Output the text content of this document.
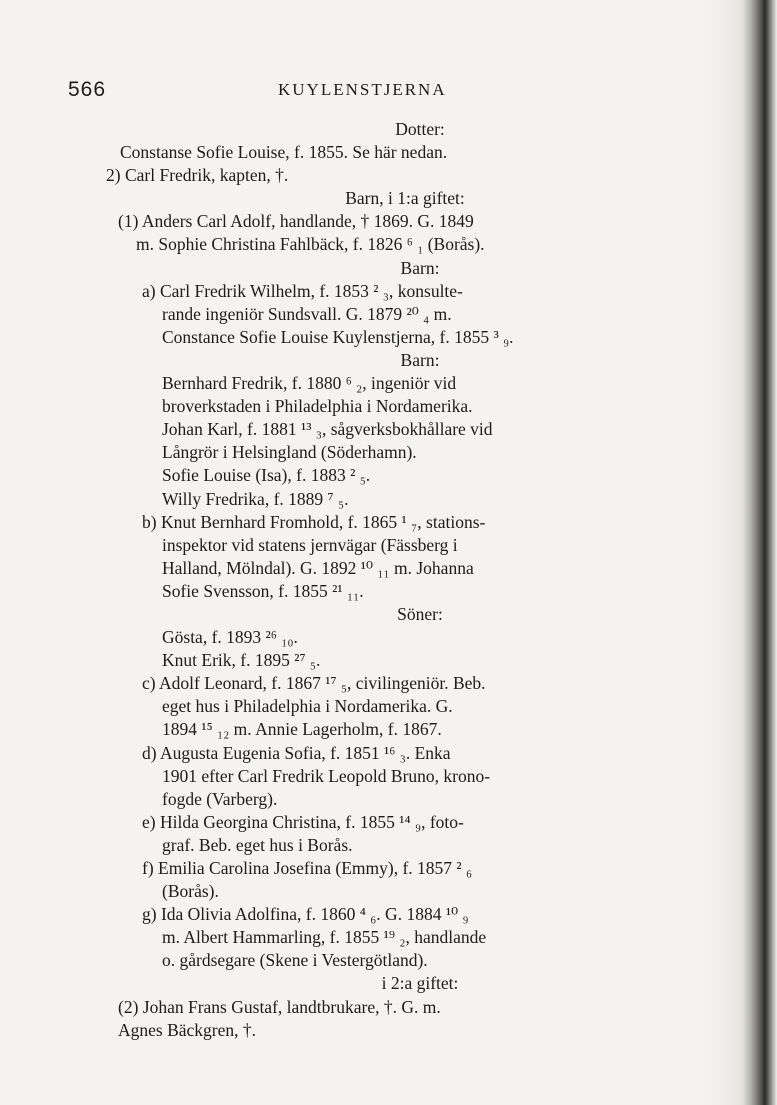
566	KUYLENSTJERNA
Dotter:
Constanse Sofie Louise, f. 1855. Se här nedan.
2) Carl Fredrik, kapten, †.
Barn, i 1:a giftet:
(1) Anders Carl Adolf, handlande, † 1869. G. 1849
m. Sophie Christina Fahlbäck, f. 1826 ⁶ ₁ (Borås).
Barn:
a) Carl Fredrik Wilhelm, f. 1853 ² ₃, konsulte-
rande ingeniör Sundsvall. G. 1879 ²⁰ ₄ m.
Constance Sofie Louise Kuylenstjerna, f. 1855 ³ ₉.
Barn:
Bernhard Fredrik, f. 1880 ⁶ ₂, ingeniör vid
broverkstaden i Philadelphia i Nordamerika.
Johan Karl, f. 1881 ¹³ ₃, sågverksbokhållare vid
Långrör i Helsingland (Söderhamn).
Sofie Louise (Isa), f. 1883 ² ₅.
Willy Fredrika, f. 1889 ⁷ ₅.
b) Knut Bernhard Fromhold, f. 1865 ¹ ₇, stations-
inspektor vid statens jernvägar (Fässberg i
Halland, Mölndal). G. 1892 ¹⁰ ₁₁ m. Johanna
Sofie Svensson, f. 1855 ²¹ ₁₁.
Söner:
Gösta, f. 1893 ²⁶ ₁₀.
Knut Erik, f. 1895 ²⁷ ₅.
c) Adolf Leonard, f. 1867 ¹⁷ ₅, civilingeniör. Beb.
eget hus i Philadelphia i Nordamerika. G.
1894 ¹⁵ ₁₂ m. Annie Lagerholm, f. 1867.
d) Augusta Eugenia Sofia, f. 1851 ¹⁶ ₃. Enka
1901 efter Carl Fredrik Leopold Bruno, krono-
fogde (Varberg).
e) Hilda Georgina Christina, f. 1855 ¹⁴ ₉, foto-
graf. Beb. eget hus i Borås.
f) Emilia Carolina Josefina (Emmy), f. 1857 ² ₆
(Borås).
g) Ida Olivia Adolfina, f. 1860 ⁴ ₆. G. 1884 ¹⁰ ₉
m. Albert Hammarling, f. 1855 ¹⁹ ₂, handlande
o. gårdsegare (Skene i Vestergötland).
i 2:a giftet:
(2) Johan Frans Gustaf, landtbrukare, †. G. m.
Agnes Bäckgren, †.
